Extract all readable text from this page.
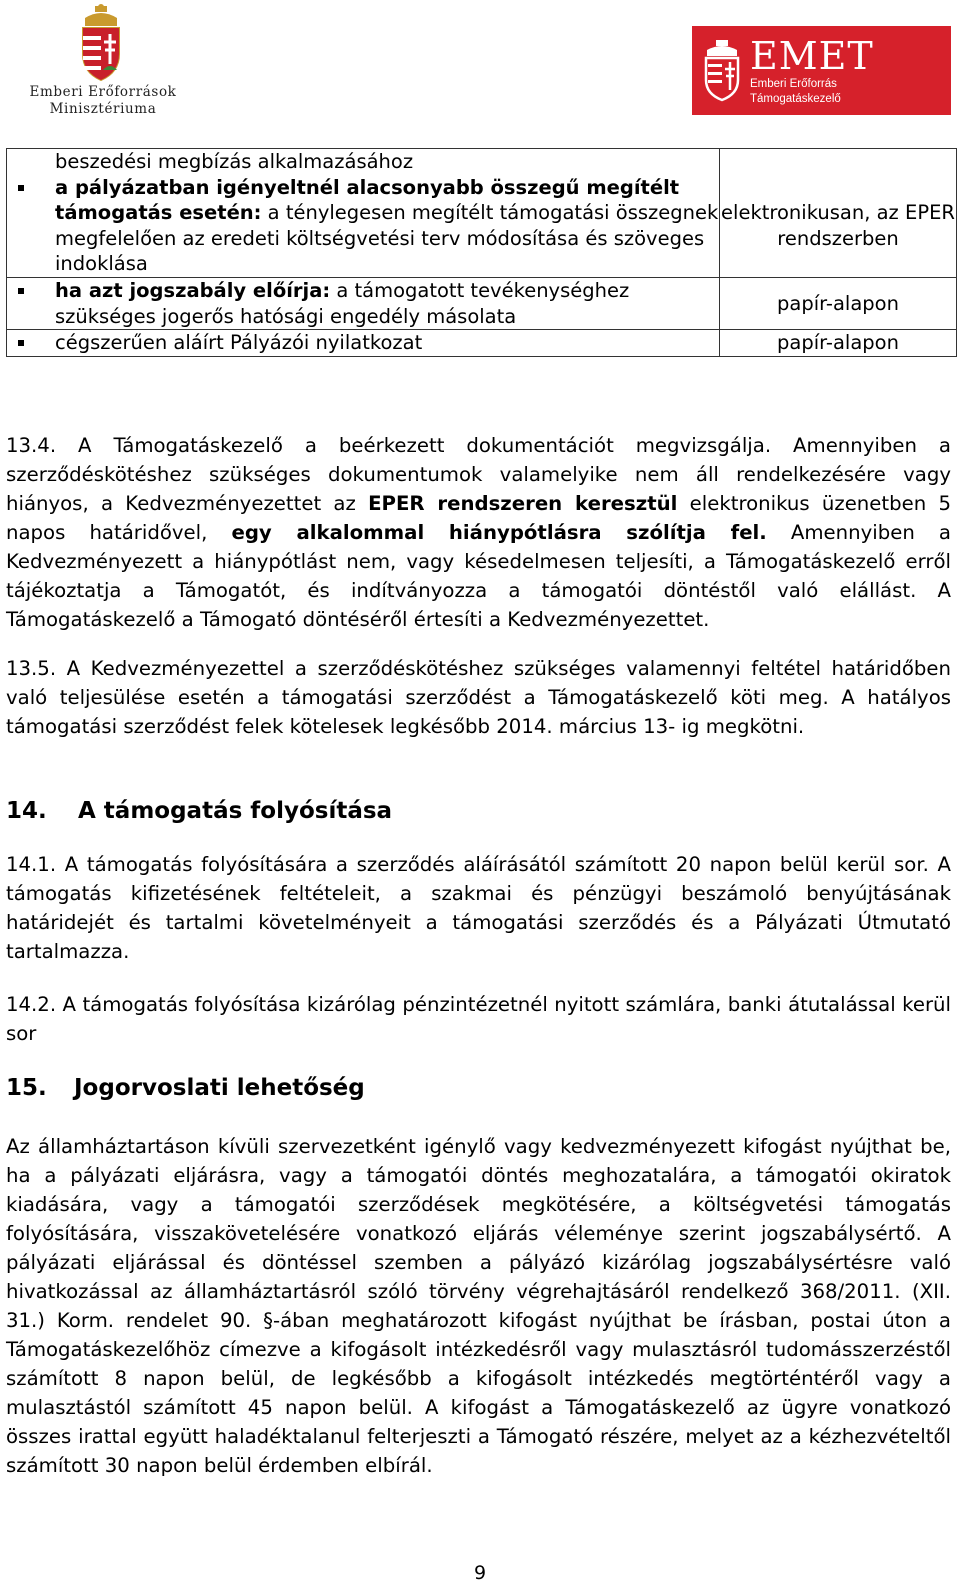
Emberi Erőforrások
Minisztériuma
EMET
Emberi Erőforrás
Támogatáskezelő
beszedési megbízás alkalmazásához
a pályázatban igényeltnél alacsonyabb összegű megítélt támogatás esetén: a ténylegesen megítélt támogatási összegnek megfelelően az eredeti költségvetési terv módosítása és szöveges indoklása	elektronikusan, az EPER rendszerben

ha azt jogszabály előírja: a támogatott tevékenységhez szükséges jogerős hatósági engedély másolata	papír-alapon

cégszerűen aláírt Pályázói nyilatkozat	papír-alapon
13.4. A Támogatáskezelő a beérkezett dokumentációt megvizsgálja. Amennyiben a szerződéskötéshez szükséges dokumentumok valamelyike nem áll rendelkezésére vagy hiányos, a Kedvezményezettet az EPER rendszeren keresztül elektronikus üzenetben 5 napos határidővel, egy alkalommal hiánypótlásra szólítja fel. Amennyiben a Kedvezményezett a hiánypótlást nem, vagy késedelmesen teljesíti, a Támogatáskezelő erről tájékoztatja a Támogatót, és indítványozza a támogatói döntéstől való elállást. A Támogatáskezelő a Támogató döntéséről értesíti a Kedvezményezettet.
13.5. A Kedvezményezettel a szerződéskötéshez szükséges valamennyi feltétel határidőben való teljesülése esetén a támogatási szerződést a Támogatáskezelő köti meg. A hatályos támogatási szerződést felek kötelesek legkésőbb 2014. március 13- ig megkötni.
14. A támogatás folyósítása
14.1. A támogatás folyósítására a szerződés aláírásától számított 20 napon belül kerül sor. A támogatás kifizetésének feltételeit, a szakmai és pénzügyi beszámoló benyújtásának határidejét és tartalmi követelményeit a támogatási szerződés és a Pályázati Útmutató tartalmazza.
14.2. A támogatás folyósítása kizárólag pénzintézetnél nyitott számlára, banki átutalással kerül sor
15. Jogorvoslati lehetőség
Az államháztartáson kívüli szervezetként igénylő vagy kedvezményezett kifogást nyújthat be, ha a pályázati eljárásra, vagy a támogatói döntés meghozatalára, a támogatói okiratok kiadására, vagy a támogatói szerződések megkötésére, a költségvetési támogatás folyósítására, visszakövetelésére vonatkozó eljárás véleménye szerint jogszabálysértő. A pályázati eljárással és döntéssel szemben a pályázó kizárólag jogszabálysértésre való hivatkozással az államháztartásról szóló törvény végrehajtásáról rendelkező 368/2011. (XII. 31.) Korm. rendelet 90. §-ában meghatározott kifogást nyújthat be írásban, postai úton a Támogatáskezelőhöz címezve a kifogásolt intézkedésről vagy mulasztásról tudomásszerzéstől számított 8 napon belül, de legkésőbb a kifogásolt intézkedés megtörténtéről vagy a mulasztástól számított 45 napon belül. A kifogást a Támogatáskezelő az ügyre vonatkozó összes irattal együtt haladéktalanul felterjeszti a Támogató részére, melyet az a kézhezvételtől számított 30 napon belül érdemben elbírál.
9
